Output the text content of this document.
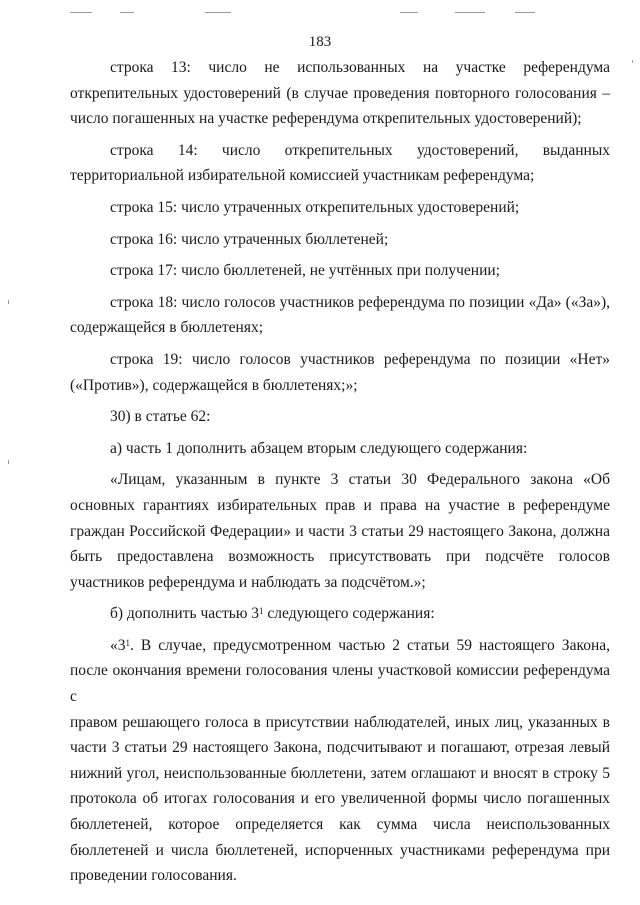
183

строка 13: число не использованных на участке референдума
открепительных удостоверений (в случае проведения повторного голосования –
число погашенных на участке референдума открепительных удостоверений);

строка 14: число открепительных удостоверений, выданных
территориальной избирательной комиссией участникам референдума;

строка 15: число утраченных открепительных удостоверений;

строка 16: число утраченных бюллетеней;

строка 17: число бюллетеней, не учтённых при получении;

строка 18: число голосов участников референдума по позиции «Да» («За»),
содержащейся в бюллетенях;

строка 19: число голосов участников референдума по позиции «Нет»
(«Против»), содержащейся в бюллетенях;»;

30) в статье 62:

а) часть 1 дополнить абзацем вторым следующего содержания:

«Лицам, указанным в пункте 3 статьи 30 Федерального закона «Об
основных гарантиях избирательных прав и права на участие в референдуме
граждан Российской Федерации» и части 3 статьи 29 настоящего Закона, должна
быть предоставлена возможность присутствовать при подсчёте голосов
участников референдума и наблюдать за подсчётом.»;

б) дополнить частью $3^1$ следующего содержания:

«$3^1$. В случае, предусмотренном частью 2 статьи 59 настоящего Закона,
после окончания времени голосования члены участковой комиссии референдума с
правом решающего голоса в присутствии наблюдателей, иных лиц, указанных в
части 3 статьи 29 настоящего Закона, подсчитывают и погашают, отрезая левый
нижний угол, неиспользованные бюллетени, затем оглашают и вносят в строку 5
протокола об итогах голосования и его увеличенной формы число погашенных
бюллетеней, которое определяется как сумма числа неиспользованных
бюллетеней и числа бюллетеней, испорченных участниками референдума при
проведении голосования.
